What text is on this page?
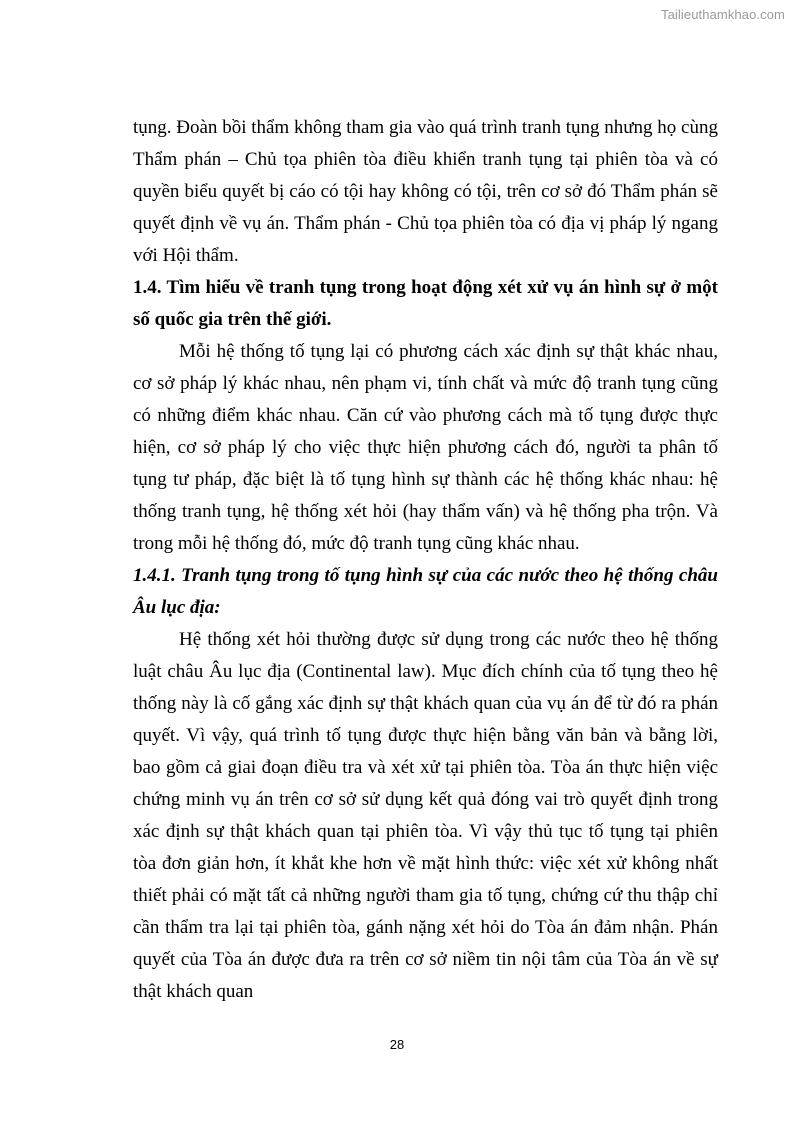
Tailieuthamkhao.com

tụng. Đoàn bồi thẩm không tham gia vào quá trình tranh tụng nhưng họ cùng Thẩm phán – Chủ tọa phiên tòa điều khiển tranh tụng tại phiên tòa và có quyền biểu quyết bị cáo có tội hay không có tội, trên cơ sở đó Thẩm phán sẽ quyết định về vụ án. Thẩm phán - Chủ tọa phiên tòa có địa vị pháp lý ngang với Hội thẩm.

1.4. Tìm hiểu về tranh tụng trong hoạt động xét xử vụ án hình sự ở một số quốc gia trên thế giới.

Mỗi hệ thống tố tụng lại có phương cách xác định sự thật khác nhau, cơ sở pháp lý khác nhau, nên phạm vi, tính chất và mức độ tranh tụng cũng có những điểm khác nhau. Căn cứ vào phương cách mà tố tụng được thực hiện, cơ sở pháp lý cho việc thực hiện phương cách đó, người ta phân tố tụng tư pháp, đặc biệt là tố tụng hình sự thành các hệ thống khác nhau: hệ thống tranh tụng, hệ thống xét hỏi (hay thẩm vấn) và hệ thống pha trộn. Và trong mỗi hệ thống đó, mức độ tranh tụng cũng khác nhau.

1.4.1. Tranh tụng trong tố tụng hình sự của các nước theo hệ thống châu Âu lục địa:

Hệ thống xét hỏi thường được sử dụng trong các nước theo hệ thống luật châu Âu lục địa (Continental law). Mục đích chính của tố tụng theo hệ thống này là cố gắng xác định sự thật khách quan của vụ án để từ đó ra phán quyết. Vì vậy, quá trình tố tụng được thực hiện bằng văn bản và bằng lời, bao gồm cả giai đoạn điều tra và xét xử tại phiên tòa. Tòa án thực hiện việc chứng minh vụ án trên cơ sở sử dụng kết quả đóng vai trò quyết định trong xác định sự thật khách quan tại phiên tòa. Vì vậy thủ tục tố tụng tại phiên tòa đơn giản hơn, ít khắt khe hơn về mặt hình thức: việc xét xử không nhất thiết phải có mặt tất cả những người tham gia tố tụng, chứng cứ thu thập chỉ cần thẩm tra lại tại phiên tòa, gánh nặng xét hỏi do Tòa án đảm nhận. Phán quyết của Tòa án được đưa ra trên cơ sở niềm tin nội tâm của Tòa án về sự thật khách quan

28
